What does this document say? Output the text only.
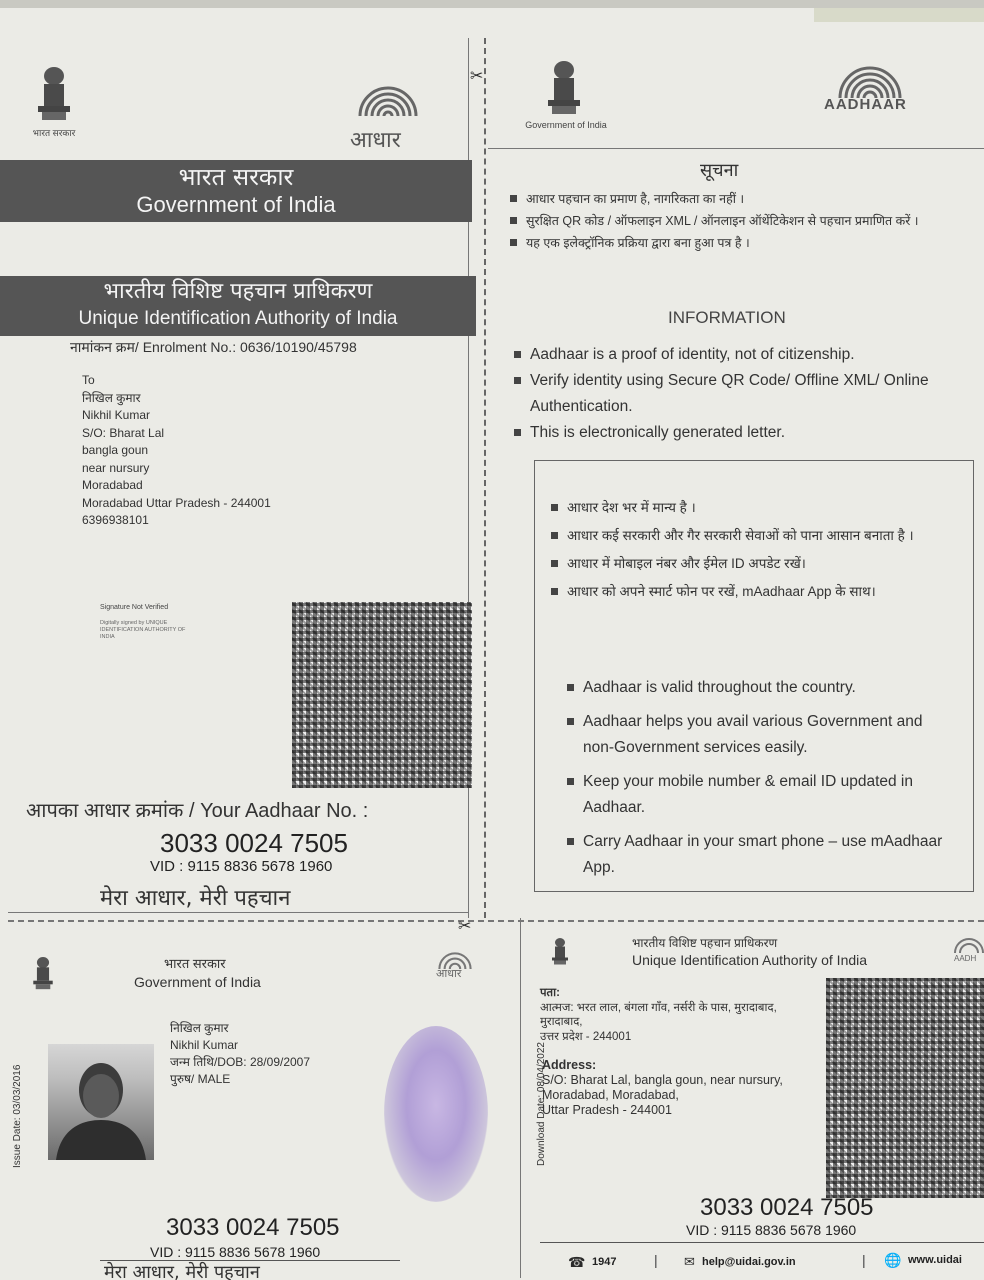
✂
✂
भारत सरकार	आधार
भारत सरकार
Government of India
भारतीय विशिष्ट पहचान प्राधिकरण
Unique Identification Authority of India
नामांकन क्रम/ Enrolment No.: 0636/10190/45798
To
निखिल कुमार
Nikhil Kumar
S/O: Bharat Lal
bangla goun
near nursury
Moradabad
Moradabad Uttar Pradesh - 244001
6396938101
Signature Not Verified
Digitally signed by UNIQUE IDENTIFICATION AUTHORITY OF INDIA
आपका आधार क्रमांक / Your Aadhaar No. :
3033 0024 7505
VID : 9115 8836 5678 1960
मेरा आधार, मेरी पहचान
Government of India
AADHAAR
सूचना
आधार पहचान का प्रमाण है, नागरिकता का नहीं ।
सुरक्षित QR कोड / ऑफलाइन XML / ऑनलाइन ऑथेंटिकेशन से पहचान प्रमाणित करें ।
यह एक इलेक्ट्रॉनिक प्रक्रिया द्वारा बना हुआ पत्र है ।
INFORMATION
Aadhaar is a proof of identity, not of citizenship.
Verify identity using Secure QR Code/ Offline XML/ Online Authentication.
This is electronically generated letter.
आधार देश भर में मान्य है ।
आधार कई सरकारी और गैर सरकारी सेवाओं को पाना आसान बनाता है ।
आधार में मोबाइल नंबर और ईमेल ID अपडेट रखें।
आधार को अपने स्मार्ट फोन पर रखें, mAadhaar App के साथ।
Aadhaar is valid throughout the country.
Aadhaar helps you avail various Government and non-Government services easily.
Keep your mobile number & email ID updated in Aadhaar.
Carry Aadhaar in your smart phone – use mAadhaar App.
भारत सरकार
Government of India	आधार
Issue Date: 03/03/2016
निखिल कुमार
Nikhil Kumar
जन्म तिथि/DOB: 28/09/2007
पुरुष/ MALE
3033 0024 7505
VID : 9115 8836 5678 1960
मेरा आधार, मेरी पहचान
भारतीय विशिष्ट पहचान प्राधिकरण
Unique Identification Authority of India	AADH
Download Date: 08/04/2022
पता:
आत्मज: भरत लाल, बंगला गाँव, नर्सरी के पास, मुरादाबाद,
मुरादाबाद,
उत्तर प्रदेश - 244001
Address:
S/O: Bharat Lal, bangla goun, near nursury,
Moradabad, Moradabad,
Uttar Pradesh - 244001
3033 0024 7505
VID : 9115 8836 5678 1960
☎ 1947	| ✉ help@uidai.gov.in	| 🌐 www.uidai
